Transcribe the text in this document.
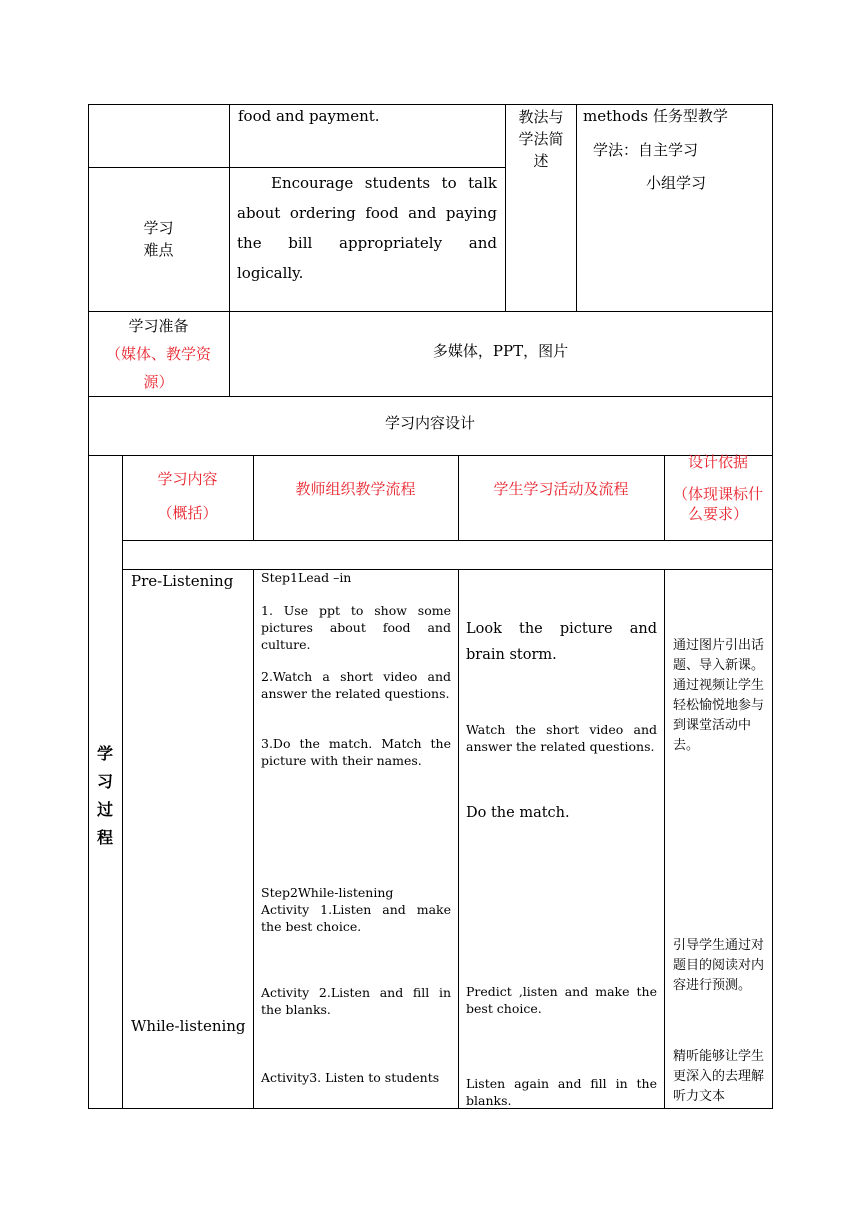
food and payment.	教法与学法简述
methods 任务型教学
学法：自主学习
小组学习
学习
难点
Encourage students to talk about ordering food and paying the bill appropriately and logically.
学习准备
（媒体、教学资
源）
多媒体，PPT，图片
学习内容设计
学
习
过
程
学习内容
（概括）
教师组织教学流程	学生学习活动及流程
设计依据
（体现课标什么要求）
Pre-Listening
While-listening
Step1Lead –in
1. Use ppt to show some pictures about food and culture.
2.Watch a short video and answer the related questions.
3.Do the match. Match the picture with their names.
Step2While-listening
Activity 1.Listen and make the best choice.
Activity 2.Listen and fill in the blanks.
Activity3. Listen to students
Look the picture and brain storm.
Watch the short video and answer the related questions.
Do the match.
Predict ,listen and make the best choice.
Listen again and fill in the blanks.
通过图片引出话题、导入新课。通过视频让学生轻松愉悦地参与到课堂活动中去。
引导学生通过对题目的阅读对内容进行预测。
精听能够让学生更深入的去理解听力文本
